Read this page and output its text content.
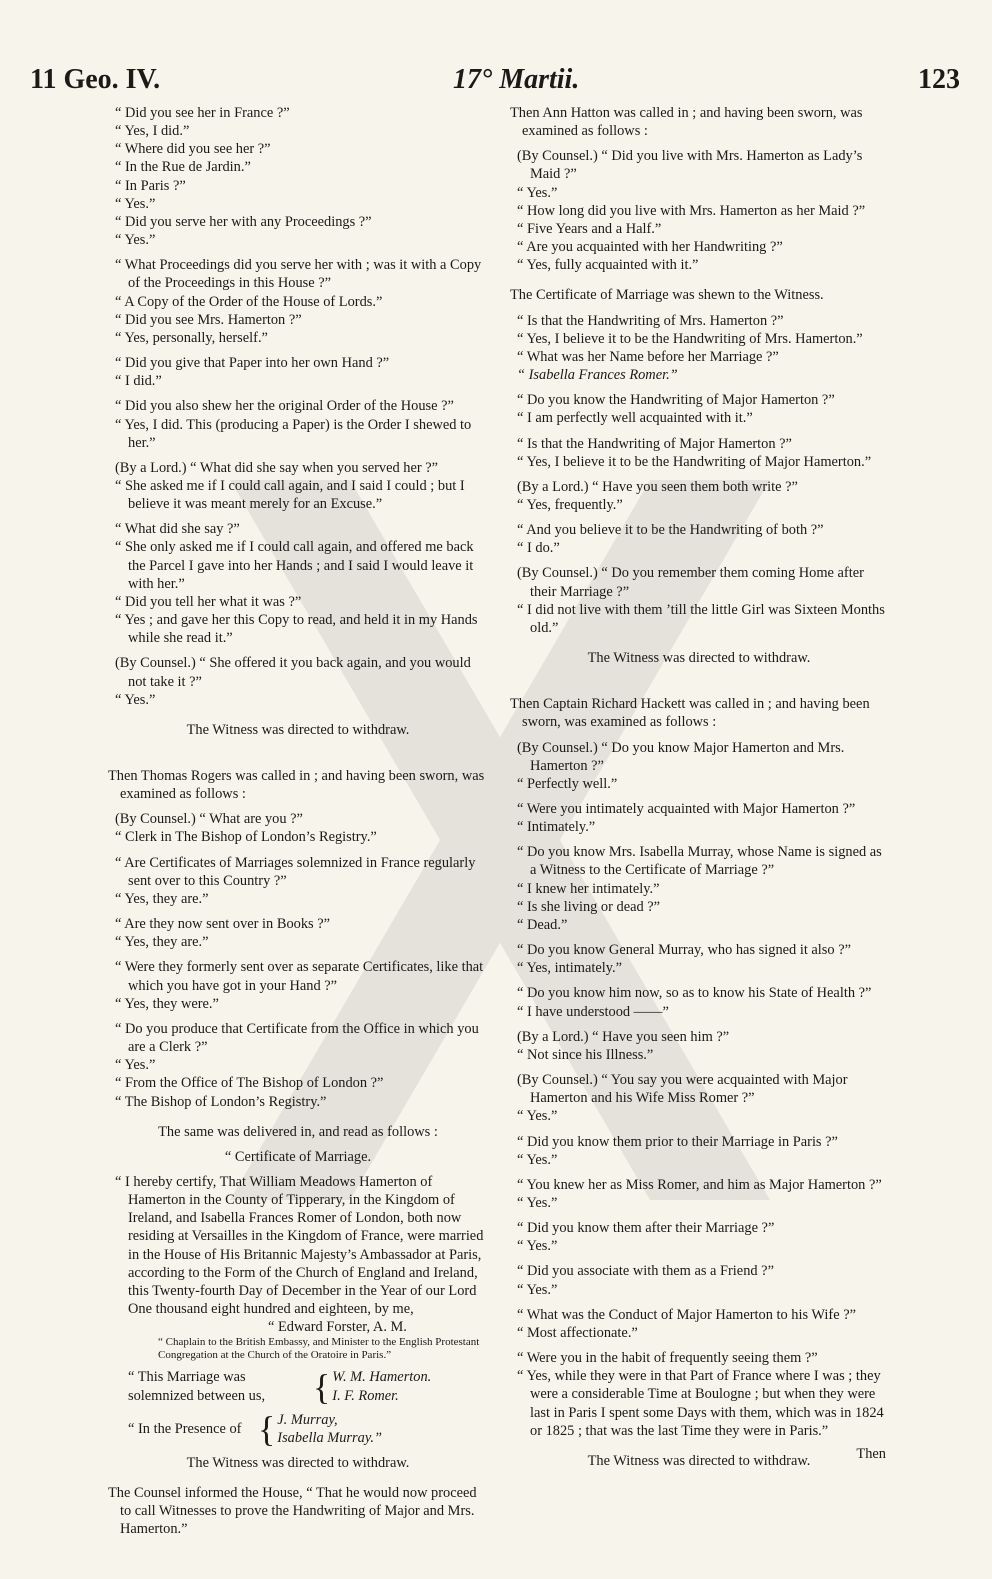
11 Geo. IV.	17° Martii.	123

“ Did you see her in France ?”

“ Yes, I did.”

“ Where did you see her ?”

“ In the Rue de Jardin.”

“ In Paris ?”

“ Yes.”

“ Did you serve her with any Proceedings ?”

“ Yes.”

“ What Proceedings did you serve her with ; was it with a Copy of the Proceedings in this House ?”

“ A Copy of the Order of the House of Lords.”

“ Did you see Mrs. Hamerton ?”

“ Yes, personally, herself.”

“ Did you give that Paper into her own Hand ?”

“ I did.”

“ Did you also shew her the original Order of the House ?”

“ Yes, I did. This (producing a Paper) is the Order I shewed to her.”

(By a Lord.) “ What did she say when you served her ?”

“ She asked me if I could call again, and I said I could ; but I believe it was meant merely for an Excuse.”

“ What did she say ?”

“ She only asked me if I could call again, and offered me back the Parcel I gave into her Hands ; and I said I would leave it with her.”

“ Did you tell her what it was ?”

“ Yes ; and gave her this Copy to read, and held it in my Hands while she read it.”

(By Counsel.) “ She offered it you back again, and you would not take it ?”

“ Yes.”

The Witness was directed to withdraw.

Then Thomas Rogers was called in ; and having been sworn, was examined as follows :

(By Counsel.) “ What are you ?”

“ Clerk in The Bishop of London’s Registry.”

“ Are Certificates of Marriages solemnized in France regularly sent over to this Country ?”

“ Yes, they are.”

“ Are they now sent over in Books ?”

“ Yes, they are.”

“ Were they formerly sent over as separate Certificates, like that which you have got in your Hand ?”

“ Yes, they were.”

“ Do you produce that Certificate from the Office in which you are a Clerk ?”

“ Yes.”

“ From the Office of The Bishop of London ?”

“ The Bishop of London’s Registry.”

The same was delivered in, and read as follows :

“ Certificate of Marriage.

“ I hereby certify, That William Meadows Hamerton of Hamerton in the County of Tipperary, in the Kingdom of Ireland, and Isabella Frances Romer of London, both now residing at Versailles in the Kingdom of France, were married in the House of His Britannic Majesty’s Ambassador at Paris, according to the Form of the Church of England and Ireland, this Twenty-fourth Day of December in the Year of our Lord One thousand eight hundred and eighteen, by me,

“ Edward Forster, A. M.

“ Chaplain to the British Embassy, and Minister to the English Protestant Congregation at the Church of the Oratoire in Paris.”

“ This Marriage was solemnized between us,	{ W. M. Hamerton.
I. F. Romer.
“ In the Presence of { J. Murray,
Isabella Murray.”

The Witness was directed to withdraw.

The Counsel informed the House, “ That he would now proceed to call Witnesses to prove the Handwriting of Major and Mrs. Hamerton.”

Then Ann Hatton was called in ; and having been sworn, was examined as follows :

(By Counsel.) “ Did you live with Mrs. Hamerton as Lady’s Maid ?”

“ Yes.”

“ How long did you live with Mrs. Hamerton as her Maid ?”

“ Five Years and a Half.”

“ Are you acquainted with her Handwriting ?”

“ Yes, fully acquainted with it.”

The Certificate of Marriage was shewn to the Witness.

“ Is that the Handwriting of Mrs. Hamerton ?”

“ Yes, I believe it to be the Handwriting of Mrs. Hamerton.”

“ What was her Name before her Marriage ?”

“ Isabella Frances Romer.”

“ Do you know the Handwriting of Major Hamerton ?”

“ I am perfectly well acquainted with it.”

“ Is that the Handwriting of Major Hamerton ?”

“ Yes, I believe it to be the Handwriting of Major Hamerton.”

(By a Lord.) “ Have you seen them both write ?”

“ Yes, frequently.”

“ And you believe it to be the Handwriting of both ?”

“ I do.”

(By Counsel.) “ Do you remember them coming Home after their Marriage ?”

“ I did not live with them ’till the little Girl was Sixteen Months old.”

The Witness was directed to withdraw.

Then Captain Richard Hackett was called in ; and having been sworn, was examined as follows :

(By Counsel.) “ Do you know Major Hamerton and Mrs. Hamerton ?”

“ Perfectly well.”

“ Were you intimately acquainted with Major Hamerton ?”

“ Intimately.”

“ Do you know Mrs. Isabella Murray, whose Name is signed as a Witness to the Certificate of Marriage ?”

“ I knew her intimately.”

“ Is she living or dead ?”

“ Dead.”

“ Do you know General Murray, who has signed it also ?”

“ Yes, intimately.”

“ Do you know him now, so as to know his State of Health ?”

“ I have understood ——”

(By a Lord.) “ Have you seen him ?”

“ Not since his Illness.”

(By Counsel.) “ You say you were acquainted with Major Hamerton and his Wife Miss Romer ?”

“ Yes.”

“ Did you know them prior to their Marriage in Paris ?”

“ Yes.”

“ You knew her as Miss Romer, and him as Major Hamerton ?”

“ Yes.”

“ Did you know them after their Marriage ?”

“ Yes.”

“ Did you associate with them as a Friend ?”

“ Yes.”

“ What was the Conduct of Major Hamerton to his Wife ?”

“ Most affectionate.”

“ Were you in the habit of frequently seeing them ?”

“ Yes, while they were in that Part of France where I was ; they were a considerable Time at Boulogne ; but when they were last in Paris I spent some Days with them, which was in 1824 or 1825 ; that was the last Time they were in Paris.”

The Witness was directed to withdraw.	Then
